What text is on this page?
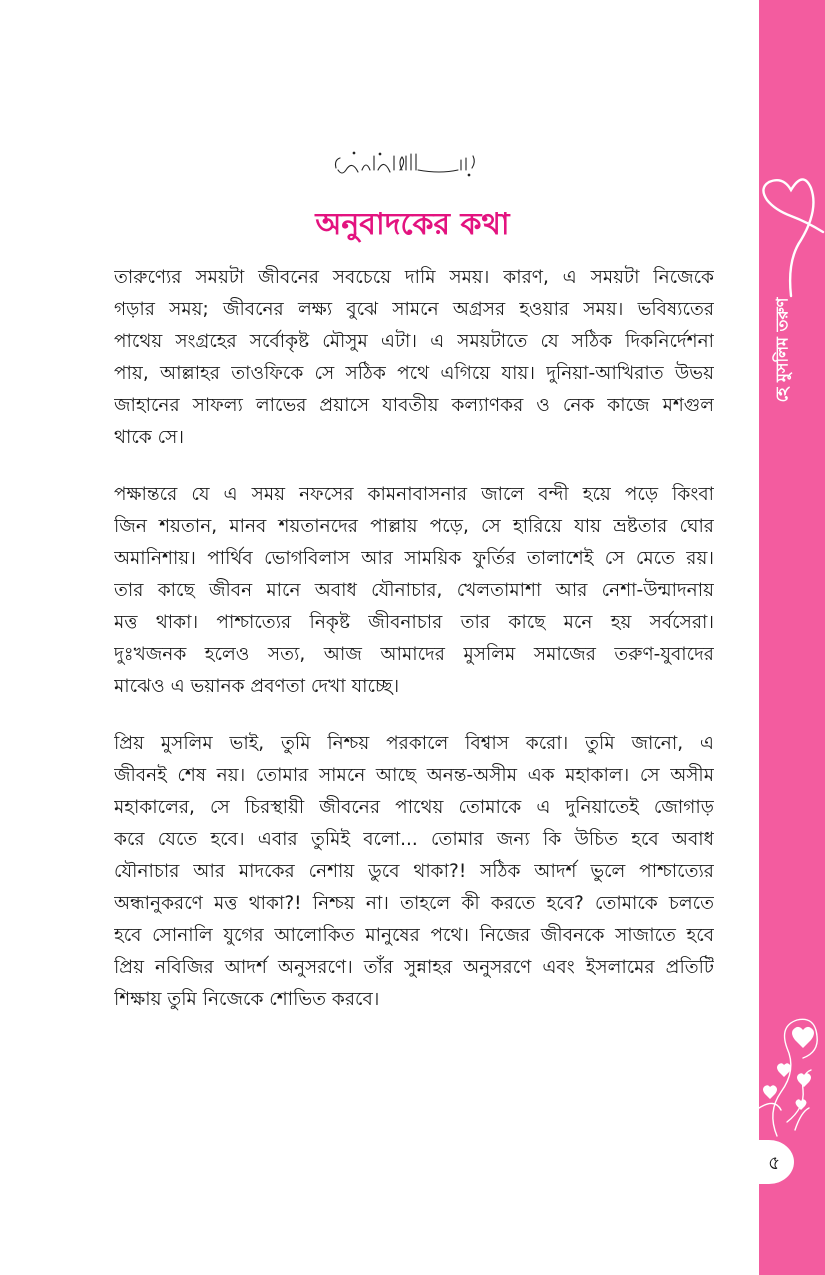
অনুবাদকের কথা

তারুণ্যের সময়টা জীবনের সবচেয়ে দামি সময়। কারণ, এ সময়টা নিজেকে
গড়ার সময়; জীবনের লক্ষ্য বুঝে সামনে অগ্রসর হওয়ার সময়। ভবিষ্যতের
পাথেয় সংগ্রহের সর্বোকৃষ্ট মৌসুম এটা। এ সময়টাতে যে সঠিক দিকনির্দেশনা
পায়, আল্লাহর তাওফিকে সে সঠিক পথে এগিয়ে যায়। দুনিয়া-আখিরাত উভয়
জাহানের সাফল্য লাভের প্রয়াসে যাবতীয় কল্যাণকর ও নেক কাজে মশগুল
থাকে সে।

পক্ষান্তরে যে এ সময় নফসের কামনাবাসনার জালে বন্দী হয়ে পড়ে কিংবা
জিন শয়তান, মানব শয়তানদের পাল্লায় পড়ে, সে হারিয়ে যায় ভ্রষ্টতার ঘোর
অমানিশায়। পার্থিব ভোগবিলাস আর সাময়িক ফুর্তির তালাশেই সে মেতে রয়।
তার কাছে জীবন মানে অবাধ যৌনাচার, খেলতামাশা আর নেশা-উন্মাদনায়
মত্ত থাকা। পাশ্চাত্যের নিকৃষ্ট জীবনাচার তার কাছে মনে হয় সর্বসেরা।
দুঃখজনক হলেও সত্য, আজ আমাদের মুসলিম সমাজের তরুণ-যুবাদের
মাঝেও এ ভয়ানক প্রবণতা দেখা যাচ্ছে।

প্রিয় মুসলিম ভাই, তুমি নিশ্চয় পরকালে বিশ্বাস করো। তুমি জানো, এ
জীবনই শেষ নয়। তোমার সামনে আছে অনন্ত-অসীম এক মহাকাল। সে অসীম
মহাকালের, সে চিরস্থায়ী জীবনের পাথেয় তোমাকে এ দুনিয়াতেই জোগাড়
করে যেতে হবে। এবার তুমিই বলো... তোমার জন্য কি উচিত হবে অবাধ
যৌনাচার আর মাদকের নেশায় ডুবে থাকা?! সঠিক আদর্শ ভুলে পাশ্চাত্যের
অন্ধানুকরণে মত্ত থাকা?! নিশ্চয় না। তাহলে কী করতে হবে? তোমাকে চলতে
হবে সোনালি যুগের আলোকিত মানুষের পথে। নিজের জীবনকে সাজাতে হবে
প্রিয় নবিজির আদর্শ অনুসরণে। তাঁর সুন্নাহর অনুসরণে এবং ইসলামের প্রতিটি
শিক্ষায় তুমি নিজেকে শোভিত করবে।

হে মুসলিম তরুণ
৫
